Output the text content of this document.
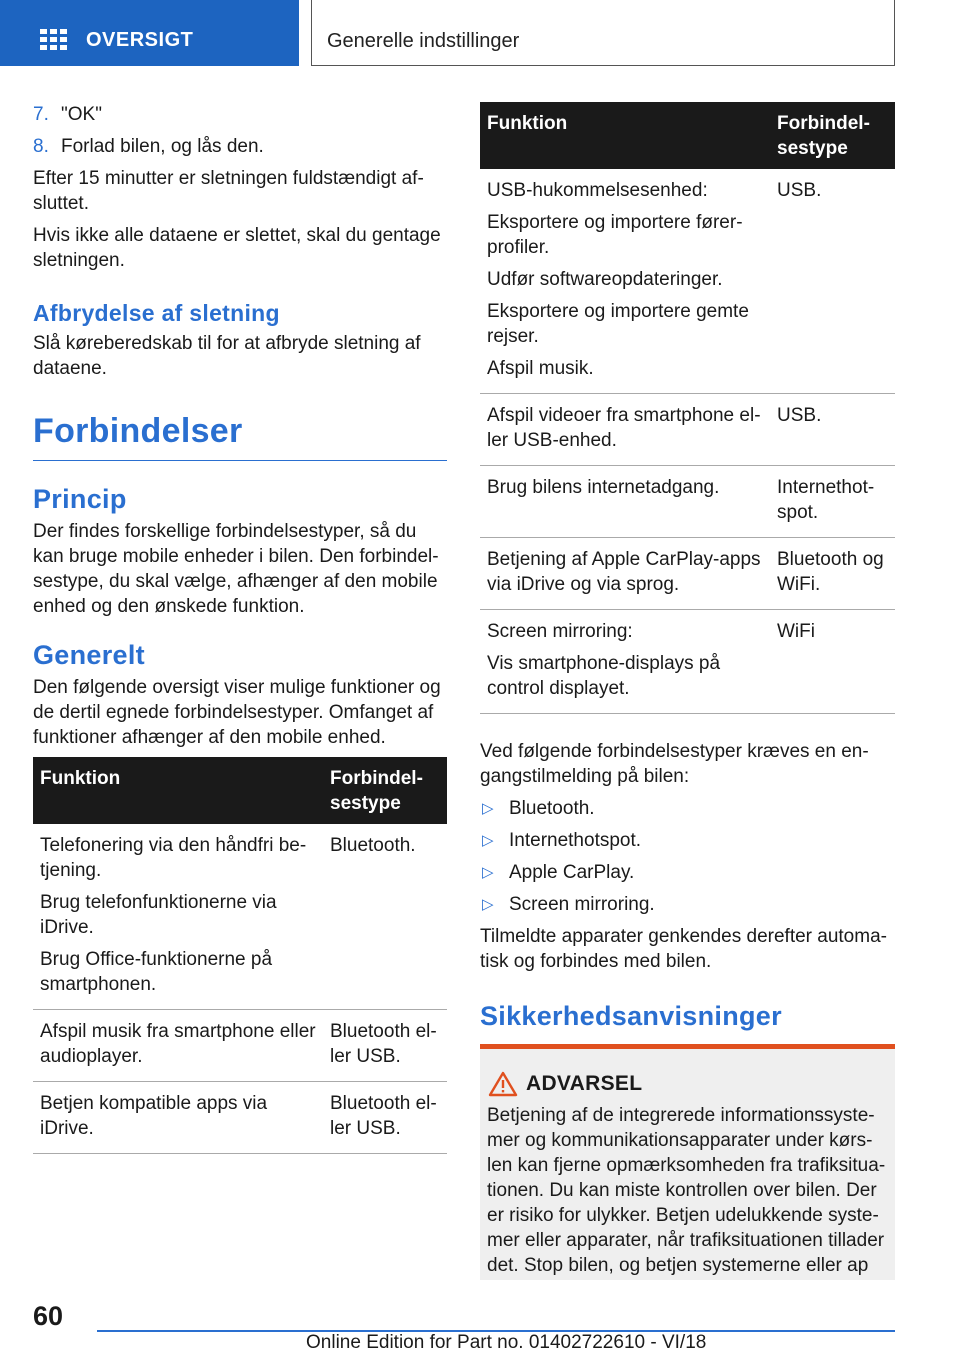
OVERSIGT	Generelle indstillinger
7. "OK"
8. Forlad bilen, og lås den.
Efter 15 minutter er sletningen fuldstændigt afsluttet.
Hvis ikke alle dataene er slettet, skal du gentage sletningen.
Afbrydelse af sletning
Slå køreberedskab til for at afbryde sletning af dataene.
Forbindelser
Princip
Der findes forskellige forbindelsestyper, så du kan bruge mobile enheder i bilen. Den forbindelsestype, du skal vælge, afhænger af den mobile enhed og den ønskede funktion.
Generelt
Den følgende oversigt viser mulige funktioner og de dertil egnede forbindelsestyper. Omfanget af funktioner afhænger af den mobile enhed.
Funktion	Forbindelsestype

Telefonering via den håndfri betjening.
Brug telefonfunktionerne via iDrive.
Brug Office-funktionerne på smartphonen.	Bluetooth.

Afspil musik fra smartphone eller audioplayer.	Bluetooth eller USB.

Betjen kompatible apps via iDrive.	Bluetooth eller USB.
Funktion	Forbindelsestype

USB-hukommelsesenhed:
Eksportere og importere førerprofiler.
Udfør softwareopdateringer.
Eksportere og importere gemte rejser.
Afspil musik.	USB.

Afspil videoer fra smartphone eller USB-enhed.	USB.

Brug bilens internetadgang.	Internethotspot.

Betjening af Apple CarPlay-apps via iDrive og via sprog.	Bluetooth og WiFi.

Screen mirroring:
Vis smartphone-displays på control displayet.	WiFi
Ved følgende forbindelsestyper kræves en engangstilmelding på bilen:
▷ Bluetooth.
▷ Internethotspot.
▷ Apple CarPlay.
▷ Screen mirroring.
Tilmeldte apparater genkendes derefter automatisk og forbindes med bilen.
Sikkerhedsanvisninger
ADVARSEL
Betjening af de integrerede informationssystemer og kommunikationsapparater under kørslen kan fjerne opmærksomheden fra trafiksituationen. Du kan miste kontrollen over bilen. Der er risiko for ulykker. Betjen udelukkende systemer eller apparater, når trafiksituationen tillader det. Stop bilen, og betjen systemerne eller ap
60
Online Edition for Part no. 01402722610 - VI/18
